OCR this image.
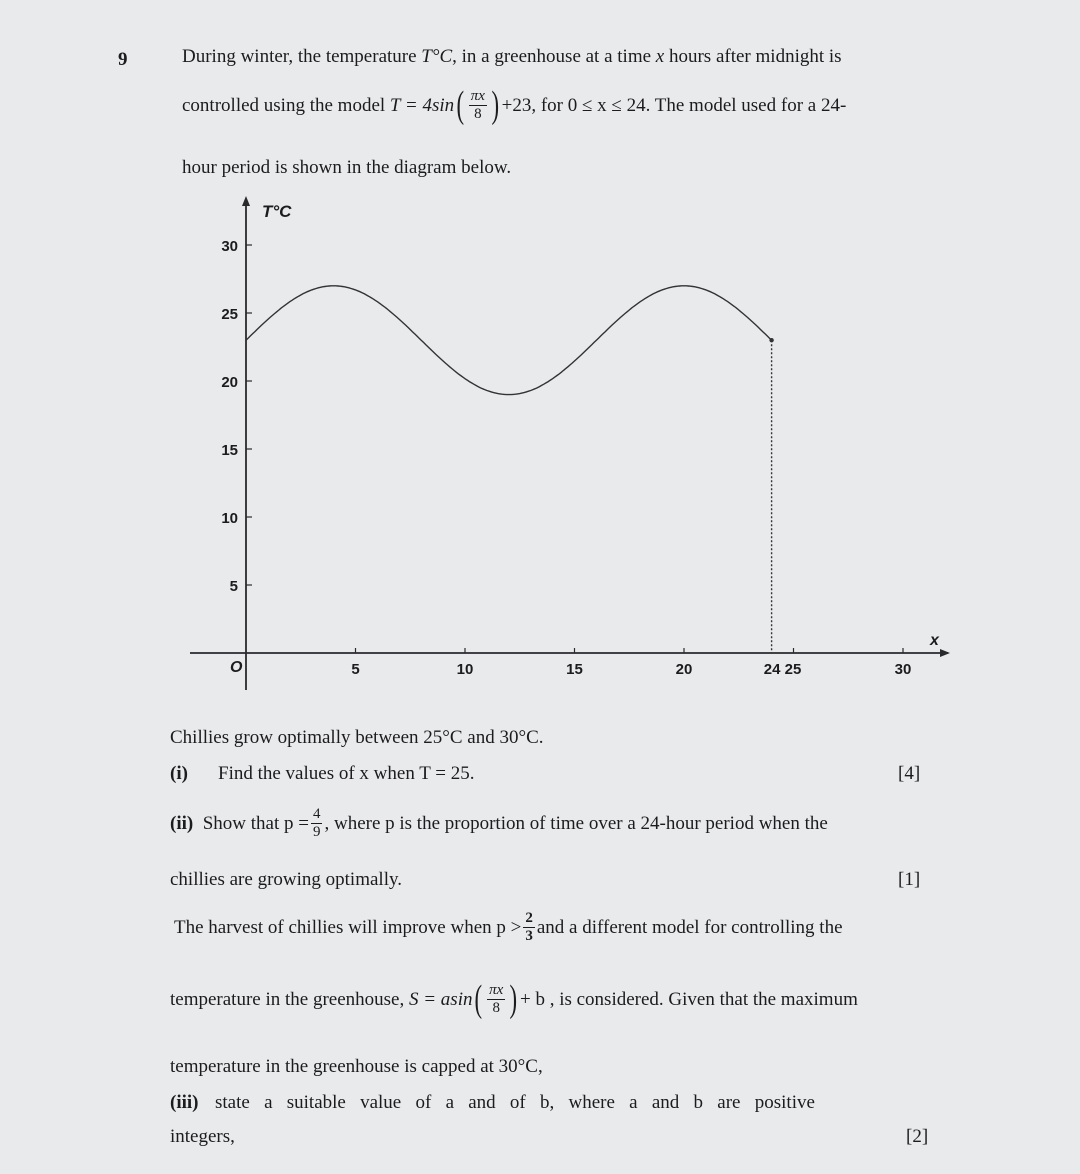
9	During winter, the temperature T°C, in a greenhouse at a time x hours after midnight is
controlled using the model
T = 4sin ( $\frac{\pi x}{8}$ ) +23, for 0 ≤ x ≤ 24. The model used for a 24-
hour period is shown in the diagram below.
T°C
x
O
5
10
15
20
25
30
5	10	15	20	24 25	30
Chillies grow optimally between 25°C and 30°C.
(i) Find the values of x when T = 25.	[4]
(ii)
Show that $p = \frac{4}{9}$ , where p is the proportion of time over a 24-hour period when the
chillies are growing optimally.	[1]
The harvest of chillies will improve when $p > \frac{2}{3}$ and a different model for controlling the
temperature in the greenhouse,
S = asin ( $\frac{\pi x}{8}$ ) + b , is considered. Given that the maximum
temperature in the greenhouse is capped at 30°C,
(iii) state   a   suitable   value   of   a   and   of   b,   where   a   and   b   are   positive
integers,	[2]
